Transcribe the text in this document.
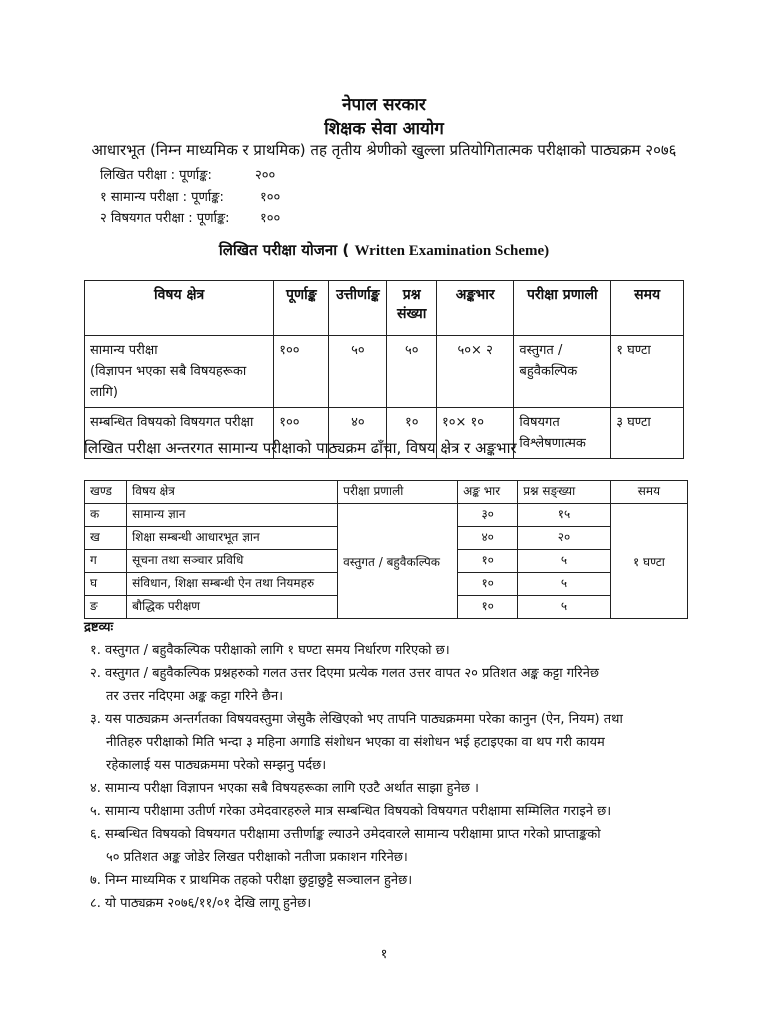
नेपाल सरकार
शिक्षक सेवा आयोग
आधारभूत (निम्न माध्यमिक र प्राथमिक) तह तृतीय श्रेणीको खुल्ला प्रतियोगितात्मक परीक्षाको पाठ्यक्रम २०७६
लिखित परीक्षा : पूर्णाङ्क:	२००
१ सामान्य परीक्षा : पूर्णाङ्क:	१००
२ विषयगत परीक्षा : पूर्णाङ्क: १००
लिखित परीक्षा योजना ( Written Examination Scheme)
विषय क्षेत्र	पूर्णाङ्क	उत्तीर्णाङ्क	प्रश्न संख्या	अङ्कभार	परीक्षा प्रणाली	समय
सामान्य परीक्षा
(विज्ञापन भएका सबै विषयहरूका लागि)	१००	५०	५०	५०× २	वस्तुगत / बहुवैकल्पिक	१ घण्टा
सम्बन्धित विषयको विषयगत परीक्षा	१००	४०	१०	१०× १०	विषयगत विश्लेषणात्मक	३ घण्टा
लिखित परीक्षा अन्तरगत सामान्य परीक्षाको पाठ्यक्रम ढाँचा, विषय क्षेत्र र अङ्कभार
खण्ड	विषय क्षेत्र	परीक्षा प्रणाली	अङ्क भार	प्रश्न सङ्ख्या	समय
क	सामान्य ज्ञान	वस्तुगत / बहुवैकल्पिक	३०	१५	१ घण्टा
ख	शिक्षा सम्बन्धी आधारभूत ज्ञान		४०	२०	
ग	सूचना तथा सञ्चार प्रविधि		१०	५	
घ	संविधान, शिक्षा सम्बन्धी ऐन तथा नियमहरु		१०	५	
ङ	बौद्धिक परीक्षण		१०	५	
द्रष्टव्यः
१. वस्तुगत / बहुवैकल्पिक परीक्षाको लागि १ घण्टा समय निर्धारण गरिएको छ।
२. वस्तुगत / बहुवैकल्पिक प्रश्नहरुको गलत उत्तर दिएमा प्रत्येक गलत उत्तर वापत २० प्रतिशत अङ्क कट्टा गरिनेछ
तर उत्तर नदिएमा अङ्क कट्टा गरिने छैन।
३. यस पाठ्यक्रम अन्तर्गतका विषयवस्तुमा जेसुकै लेखिएको भए तापनि पाठ्यक्रममा परेका कानुन (ऐन, नियम) तथा
नीतिहरु परीक्षाको मिति भन्दा ३ महिना अगाडि संशोधन भएका वा संशोधन भई हटाइएका वा थप गरी कायम
रहेकालाई यस पाठ्यक्रममा परेको सम्झनु पर्दछ।
४. सामान्य परीक्षा विज्ञापन भएका सबै विषयहरूका लागि एउटै अर्थात साझा हुनेछ ।
५. सामान्य परीक्षामा उतीर्ण गरेका उमेदवारहरुले मात्र सम्बन्धित विषयको विषयगत परीक्षामा सम्मिलित गराइने छ।
६. सम्बन्धित विषयको विषयगत परीक्षामा उत्तीर्णाङ्क ल्याउने उमेदवारले सामान्य परीक्षामा प्राप्त गरेको प्राप्ताङ्कको
५० प्रतिशत अङ्क जोडेर लिखत परीक्षाको नतीजा प्रकाशन गरिनेछ।
७. निम्न माध्यमिक र प्राथमिक तहको परीक्षा छुट्टाछुट्टै सञ्चालन हुनेछ।
८. यो पाठ्यक्रम २०७६/११/०१ देखि लागू हुनेछ।
१
